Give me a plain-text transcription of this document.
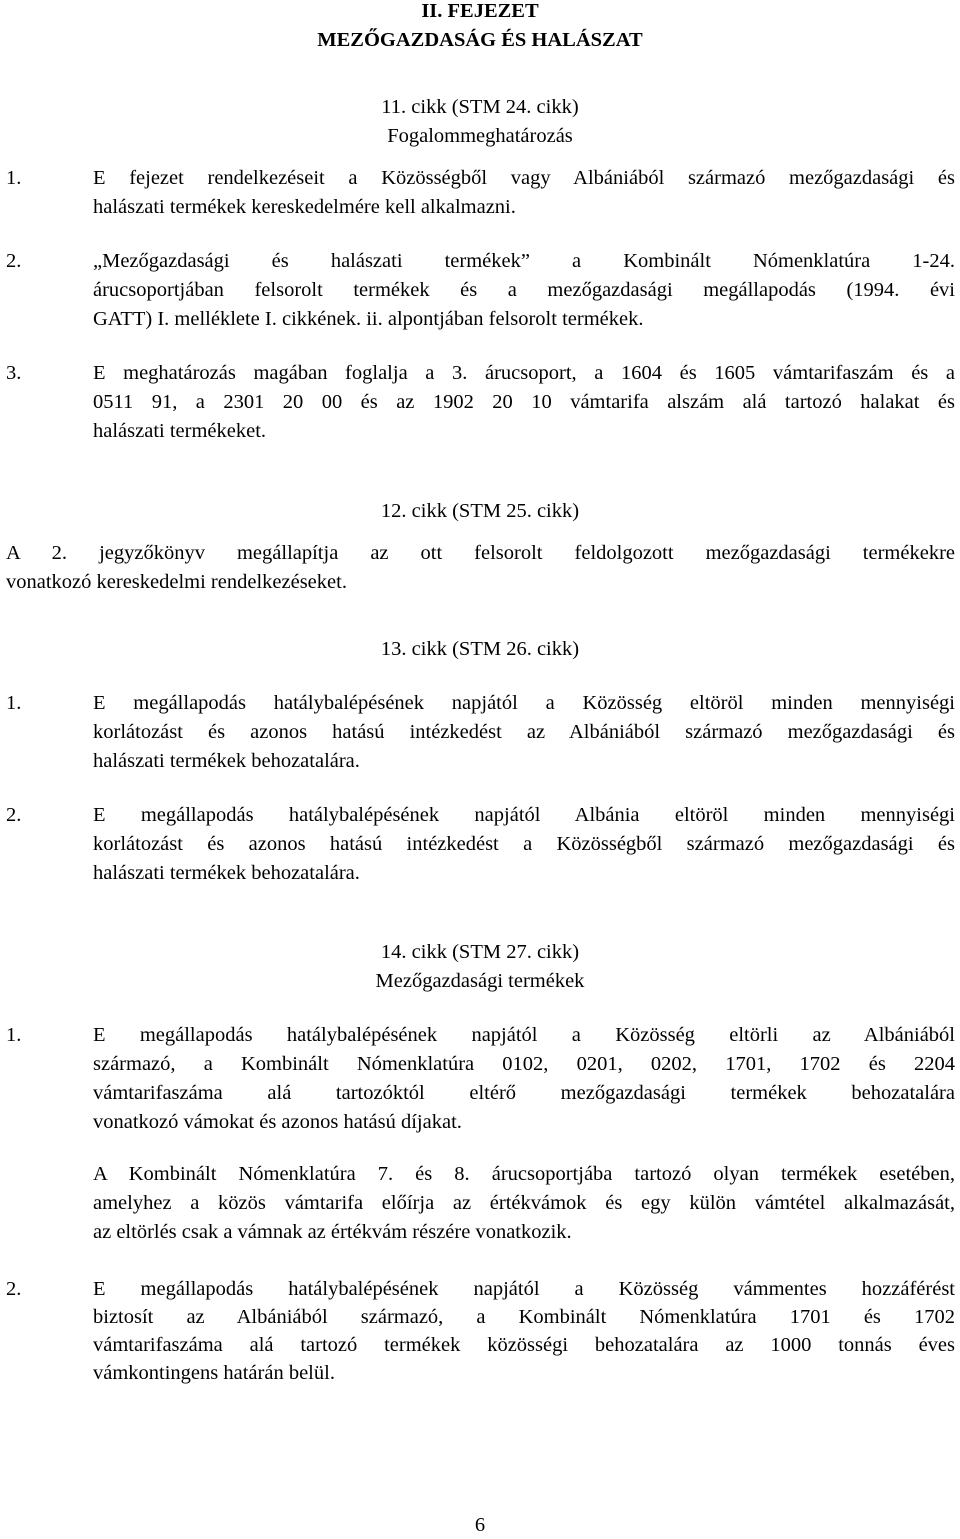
II. FEJEZET
MEZŐGAZDASÁG ÉS HALÁSZAT
11. cikk (STM 24. cikk)
Fogalommeghatározás
1.	E fejezet rendelkezéseit a Közösségből vagy Albániából származó mezőgazdasági és
halászati termékek kereskedelmére kell alkalmazni.
2.	„Mezőgazdasági és halászati termékek” a Kombinált Nómenklatúra 1-24.
árucsoportjában felsorolt termékek és a mezőgazdasági megállapodás (1994. évi
GATT) I. melléklete I. cikkének. ii. alpontjában felsorolt termékek.
3.	E meghatározás magában foglalja a 3. árucsoport, a 1604 és 1605 vámtarifaszám és a
0511 91, a 2301 20 00 és az 1902 20 10 vámtarifa alszám alá tartozó halakat és
halászati termékeket.
12. cikk (STM 25. cikk)
A 2. jegyzőkönyv megállapítja az ott felsorolt feldolgozott mezőgazdasági termékekre
vonatkozó kereskedelmi rendelkezéseket.
13. cikk (STM 26. cikk)
1.	E megállapodás hatálybalépésének napjától a Közösség eltöröl minden mennyiségi
korlátozást és azonos hatású intézkedést az Albániából származó mezőgazdasági és
halászati termékek behozatalára.
2.	E megállapodás hatálybalépésének napjától Albánia eltöröl minden mennyiségi
korlátozást és azonos hatású intézkedést a Közösségből származó mezőgazdasági és
halászati termékek behozatalára.
14. cikk (STM 27. cikk)
Mezőgazdasági termékek
1.	E megállapodás hatálybalépésének napjától a Közösség eltörli az Albániából
származó, a Kombinált Nómenklatúra 0102, 0201, 0202, 1701, 1702 és 2204
vámtarifaszáma alá tartozóktól eltérő mezőgazdasági termékek behozatalára
vonatkozó vámokat és azonos hatású díjakat.
A Kombinált Nómenklatúra 7. és 8. árucsoportjába tartozó olyan termékek esetében,
amelyhez a közös vámtarifa előírja az értékvámok és egy külön vámtétel alkalmazását,
az eltörlés csak a vámnak az értékvám részére vonatkozik.
2.	E megállapodás hatálybalépésének napjától a Közösség vámmentes hozzáférést
biztosít az Albániából származó, a Kombinált Nómenklatúra 1701 és 1702
vámtarifaszáma alá tartozó termékek közösségi behozatalára az 1000 tonnás éves
vámkontingens határán belül.
6
